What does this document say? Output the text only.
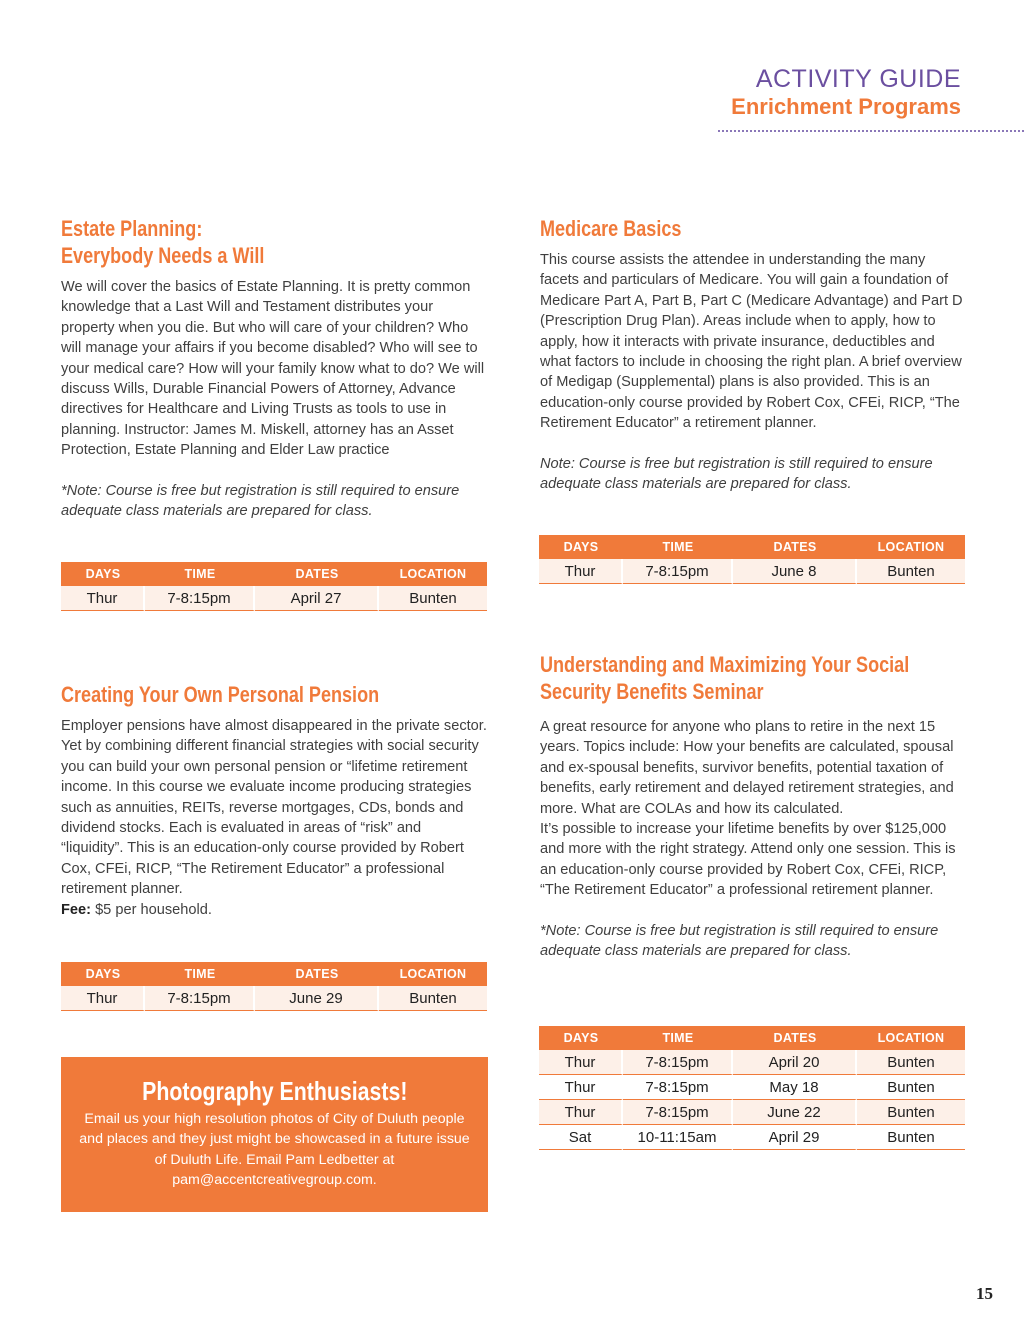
ACTIVITY GUIDE
Enrichment Programs
Estate Planning:
Everybody Needs a Will

We will cover the basics of Estate Planning. It is pretty common knowledge that a Last Will and Testament distributes your property when you die. But who will care of your children? Who will manage your affairs if you become disabled? Who will see to your medical care? How will your family know what to do? We will discuss Wills, Durable Financial Powers of Attorney, Advance directives for Healthcare and Living Trusts as tools to use in planning. Instructor: James M. Miskell, attorney has an Asset Protection, Estate Planning and Elder Law practice

*Note: Course is free but registration is still required to ensure adequate class materials are prepared for class.

DAYS	TIME	DATES	LOCATION
Thur	7-8:15pm	April 27	Bunten
Medicare Basics

This course assists the attendee in understanding the many facets and particulars of Medicare. You will gain a foundation of Medicare Part A, Part B, Part C (Medicare Advantage) and Part D (Prescription Drug Plan). Areas include when to apply, how to apply, how it interacts with private insurance, deductibles and what factors to include in choosing the right plan. A brief overview of Medigap (Supplemental) plans is also provided. This is an education-only course provided by Robert Cox, CFEi, RICP, “The Retirement Educator” a retirement planner.

Note: Course is free but registration is still required to ensure adequate class materials are prepared for class.

DAYS	TIME	DATES	LOCATION
Thur	7-8:15pm	June 8	Bunten
Creating Your Own Personal Pension

Employer pensions have almost disappeared in the private sector. Yet by combining different financial strategies with social security you can build your own personal pension or “lifetime retirement income. In this course we evaluate income producing strategies such as annuities, REITs, reverse mortgages, CDs, bonds and dividend stocks. Each is evaluated in areas of “risk” and “liquidity”. This is an education-only course provided by Robert Cox, CFEi, RICP, “The Retirement Educator” a professional retirement planner.
Fee: $5 per household.

DAYS	TIME	DATES	LOCATION
Thur	7-8:15pm	June 29	Bunten
Understanding and Maximizing Your Social
Security Benefits Seminar

A great resource for anyone who plans to retire in the next 15 years. Topics include: How your benefits are calculated, spousal and ex-spousal benefits, survivor benefits, potential taxation of benefits, early retirement and delayed retirement strategies, and more. What are COLAs and how its calculated.
It’s possible to increase your lifetime benefits by over $125,000 and more with the right strategy. Attend only one session. This is an education-only course provided by Robert Cox, CFEi, RICP, “The Retirement Educator” a professional retirement planner.

*Note: Course is free but registration is still required to ensure adequate class materials are prepared for class.

DAYS	TIME	DATES	LOCATION
Thur	7-8:15pm	April 20	Bunten
Thur	7-8:15pm	May 18	Bunten
Thur	7-8:15pm	June 22	Bunten
Sat	10-11:15am	April 29	Bunten
Photography Enthusiasts!
Email us your high resolution photos of City of Duluth people and places and they just might be showcased in a future issue of Duluth Life. Email Pam Ledbetter at pam@accentcreativegroup.com.
15
